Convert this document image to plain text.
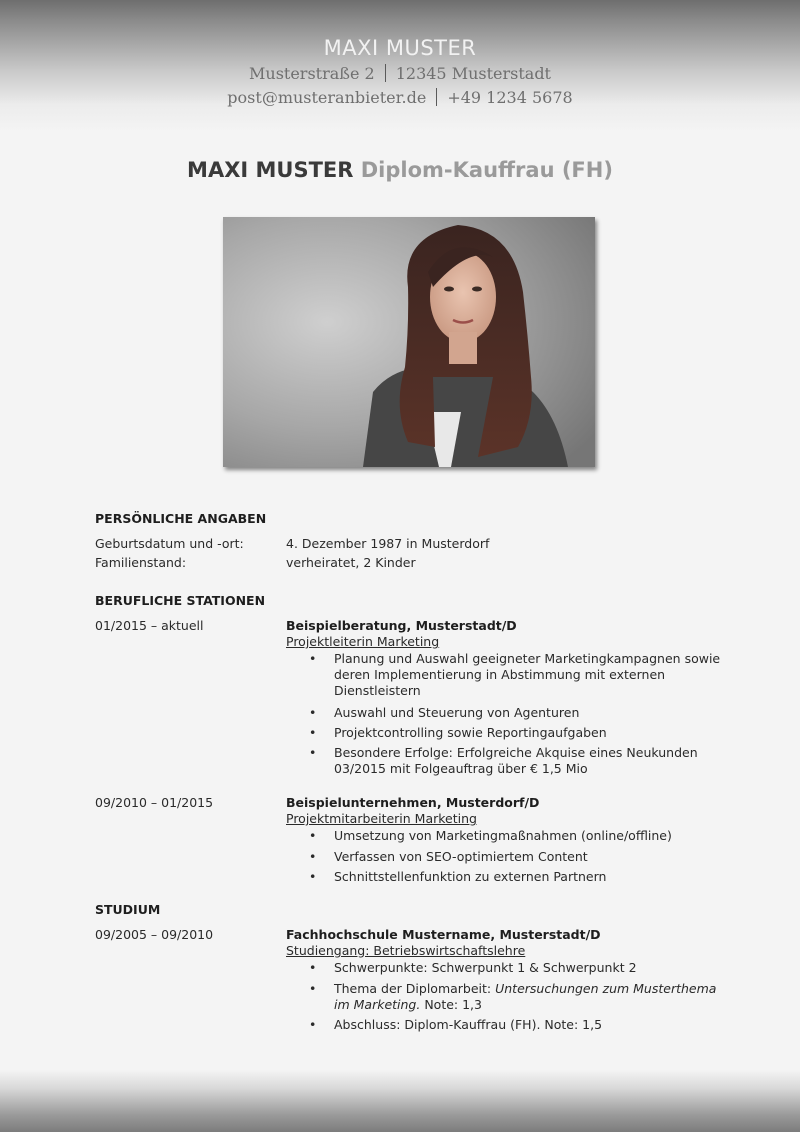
MAXI MUSTER
Musterstraße 2 12345 Musterstadt
post@musteranbieter.de +49 1234 5678
MAXI MUSTER Diplom-Kauffrau (FH)
PERSÖNLICHE ANGABEN
Geburtsdatum und -ort:	4. Dezember 1987 in Musterdorf
Familienstand:	verheiratet, 2 Kinder
BERUFLICHE STATIONEN
01/2015 – aktuell	Beispielberatung, Musterstadt/D
Projektleiterin Marketing
• Planung und Auswahl geeigneter Marketingkampagnen sowie deren Implementierung in Abstimmung mit externen Dienstleistern
• Auswahl und Steuerung von Agenturen
• Projektcontrolling sowie Reportingaufgaben
• Besondere Erfolge: Erfolgreiche Akquise eines Neukunden 03/2015 mit Folgeauftrag über € 1,5 Mio
09/2010 – 01/2015	Beispielunternehmen, Musterdorf/D
Projektmitarbeiterin Marketing
• Umsetzung von Marketingmaßnahmen (online/offline)
• Verfassen von SEO-optimiertem Content
• Schnittstellenfunktion zu externen Partnern
STUDIUM
09/2005 – 09/2010	Fachhochschule Mustername, Musterstadt/D
Studiengang: Betriebswirtschaftslehre
• Schwerpunkte: Schwerpunkt 1 & Schwerpunkt 2
• Thema der Diplomarbeit: Untersuchungen zum Musterthema im Marketing. Note: 1,3
• Abschluss: Diplom-Kauffrau (FH). Note: 1,5
